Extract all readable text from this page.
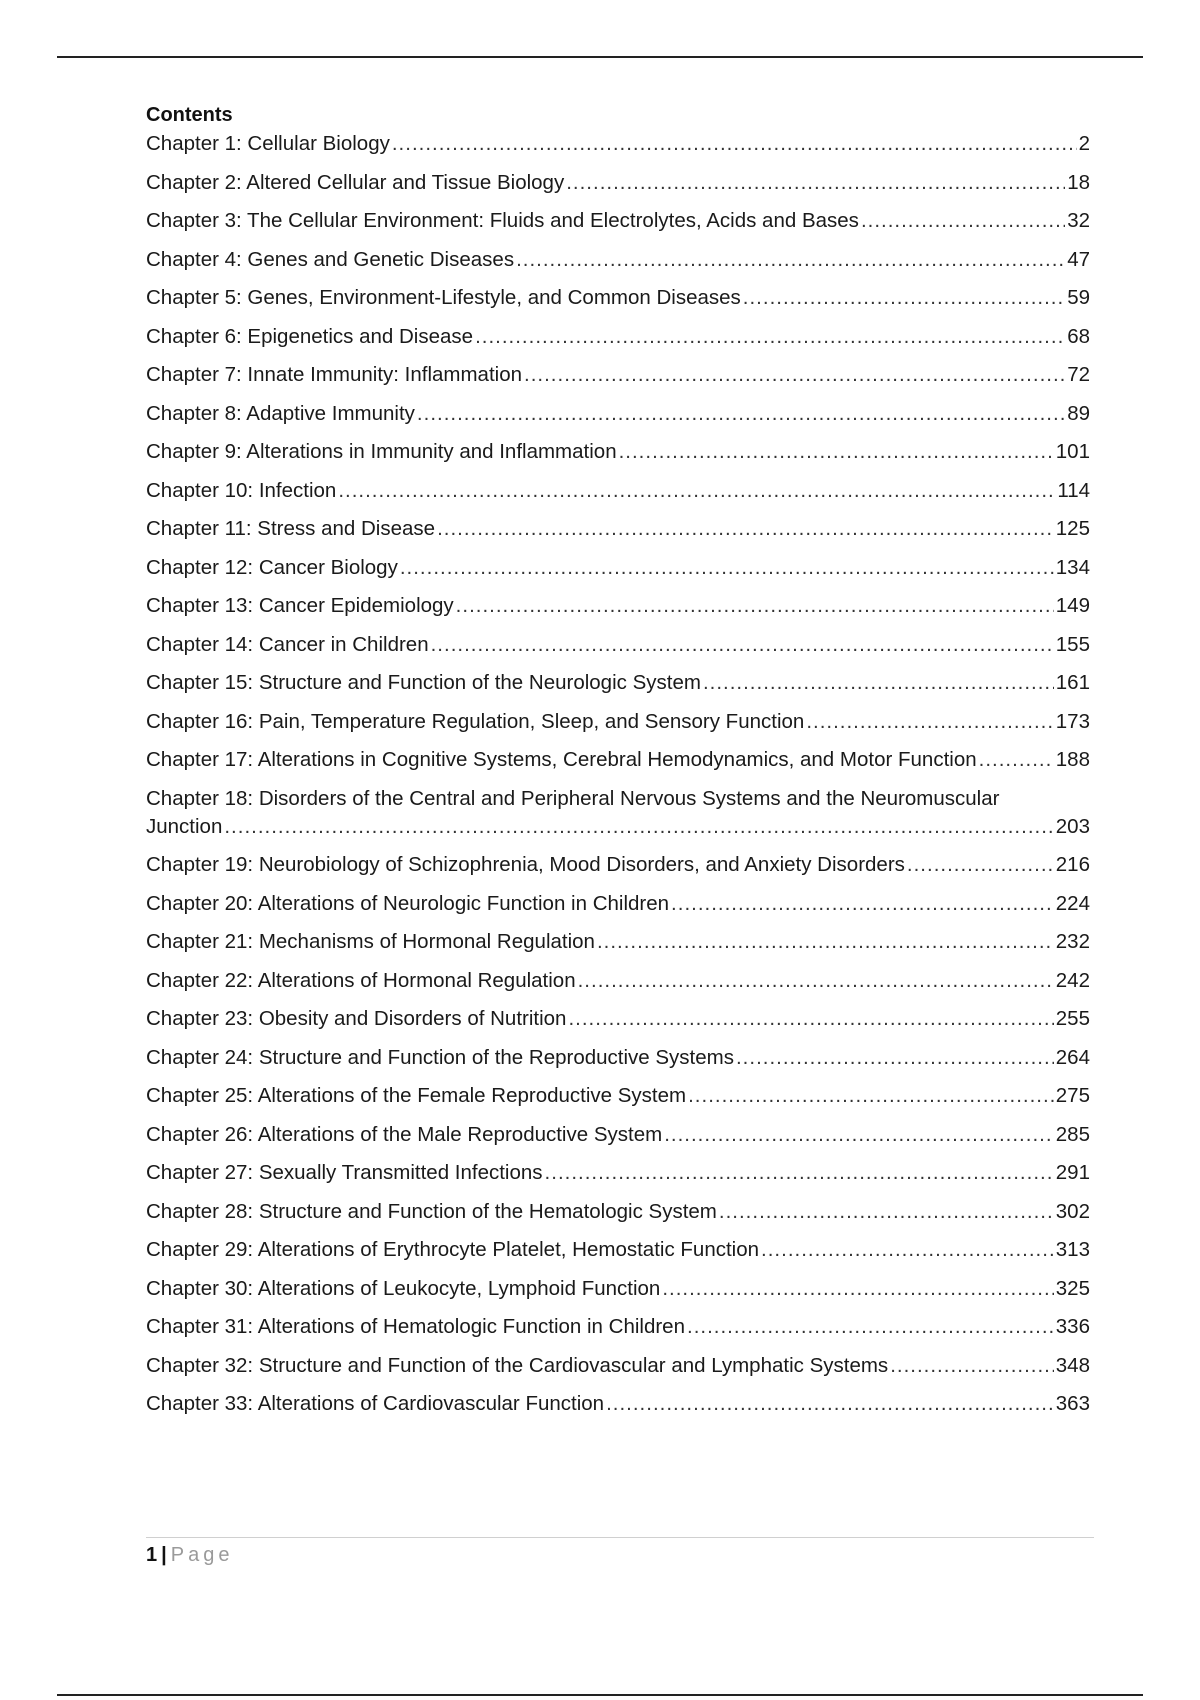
Contents
Chapter 1: Cellular Biology .....	2
Chapter 2: Altered Cellular and Tissue Biology .....	18
Chapter 3: The Cellular Environment: Fluids and Electrolytes, Acids and Bases .....	32
Chapter 4: Genes and Genetic Diseases .....	47
Chapter 5: Genes, Environment-Lifestyle, and Common Diseases .....	59
Chapter 6: Epigenetics and Disease .....	68
Chapter 7: Innate Immunity: Inflammation .....	72
Chapter 8: Adaptive Immunity .....	89
Chapter 9: Alterations in Immunity and Inflammation .....	101
Chapter 10: Infection .....	114
Chapter 11: Stress and Disease .....	125
Chapter 12: Cancer Biology .....	134
Chapter 13: Cancer Epidemiology .....	149
Chapter 14: Cancer in Children .....	155
Chapter 15: Structure and Function of the Neurologic System .....	161
Chapter 16: Pain, Temperature Regulation, Sleep, and Sensory Function .....	173
Chapter 17: Alterations in Cognitive Systems, Cerebral Hemodynamics, and Motor Function .....	188
Chapter 18: Disorders of the Central and Peripheral Nervous Systems and the Neuromuscular
Junction .....	203
Chapter 19: Neurobiology of Schizophrenia, Mood Disorders, and Anxiety Disorders .....	216
Chapter 20: Alterations of Neurologic Function in Children .....	224
Chapter 21: Mechanisms of Hormonal Regulation .....	232
Chapter 22: Alterations of Hormonal Regulation .....	242
Chapter 23: Obesity and Disorders of Nutrition .....	255
Chapter 24: Structure and Function of the Reproductive Systems .....	264
Chapter 25: Alterations of the Female Reproductive System .....	275
Chapter 26: Alterations of the Male Reproductive System .....	285
Chapter 27: Sexually Transmitted Infections .....	291
Chapter 28: Structure and Function of the Hematologic System .....	302
Chapter 29: Alterations of Erythrocyte Platelet, Hemostatic Function .....	313
Chapter 30: Alterations of Leukocyte, Lymphoid Function .....	325
Chapter 31: Alterations of Hematologic Function in Children .....	336
Chapter 32: Structure and Function of the Cardiovascular and Lymphatic Systems .....	348
Chapter 33: Alterations of Cardiovascular Function .....	363
1 | Page
